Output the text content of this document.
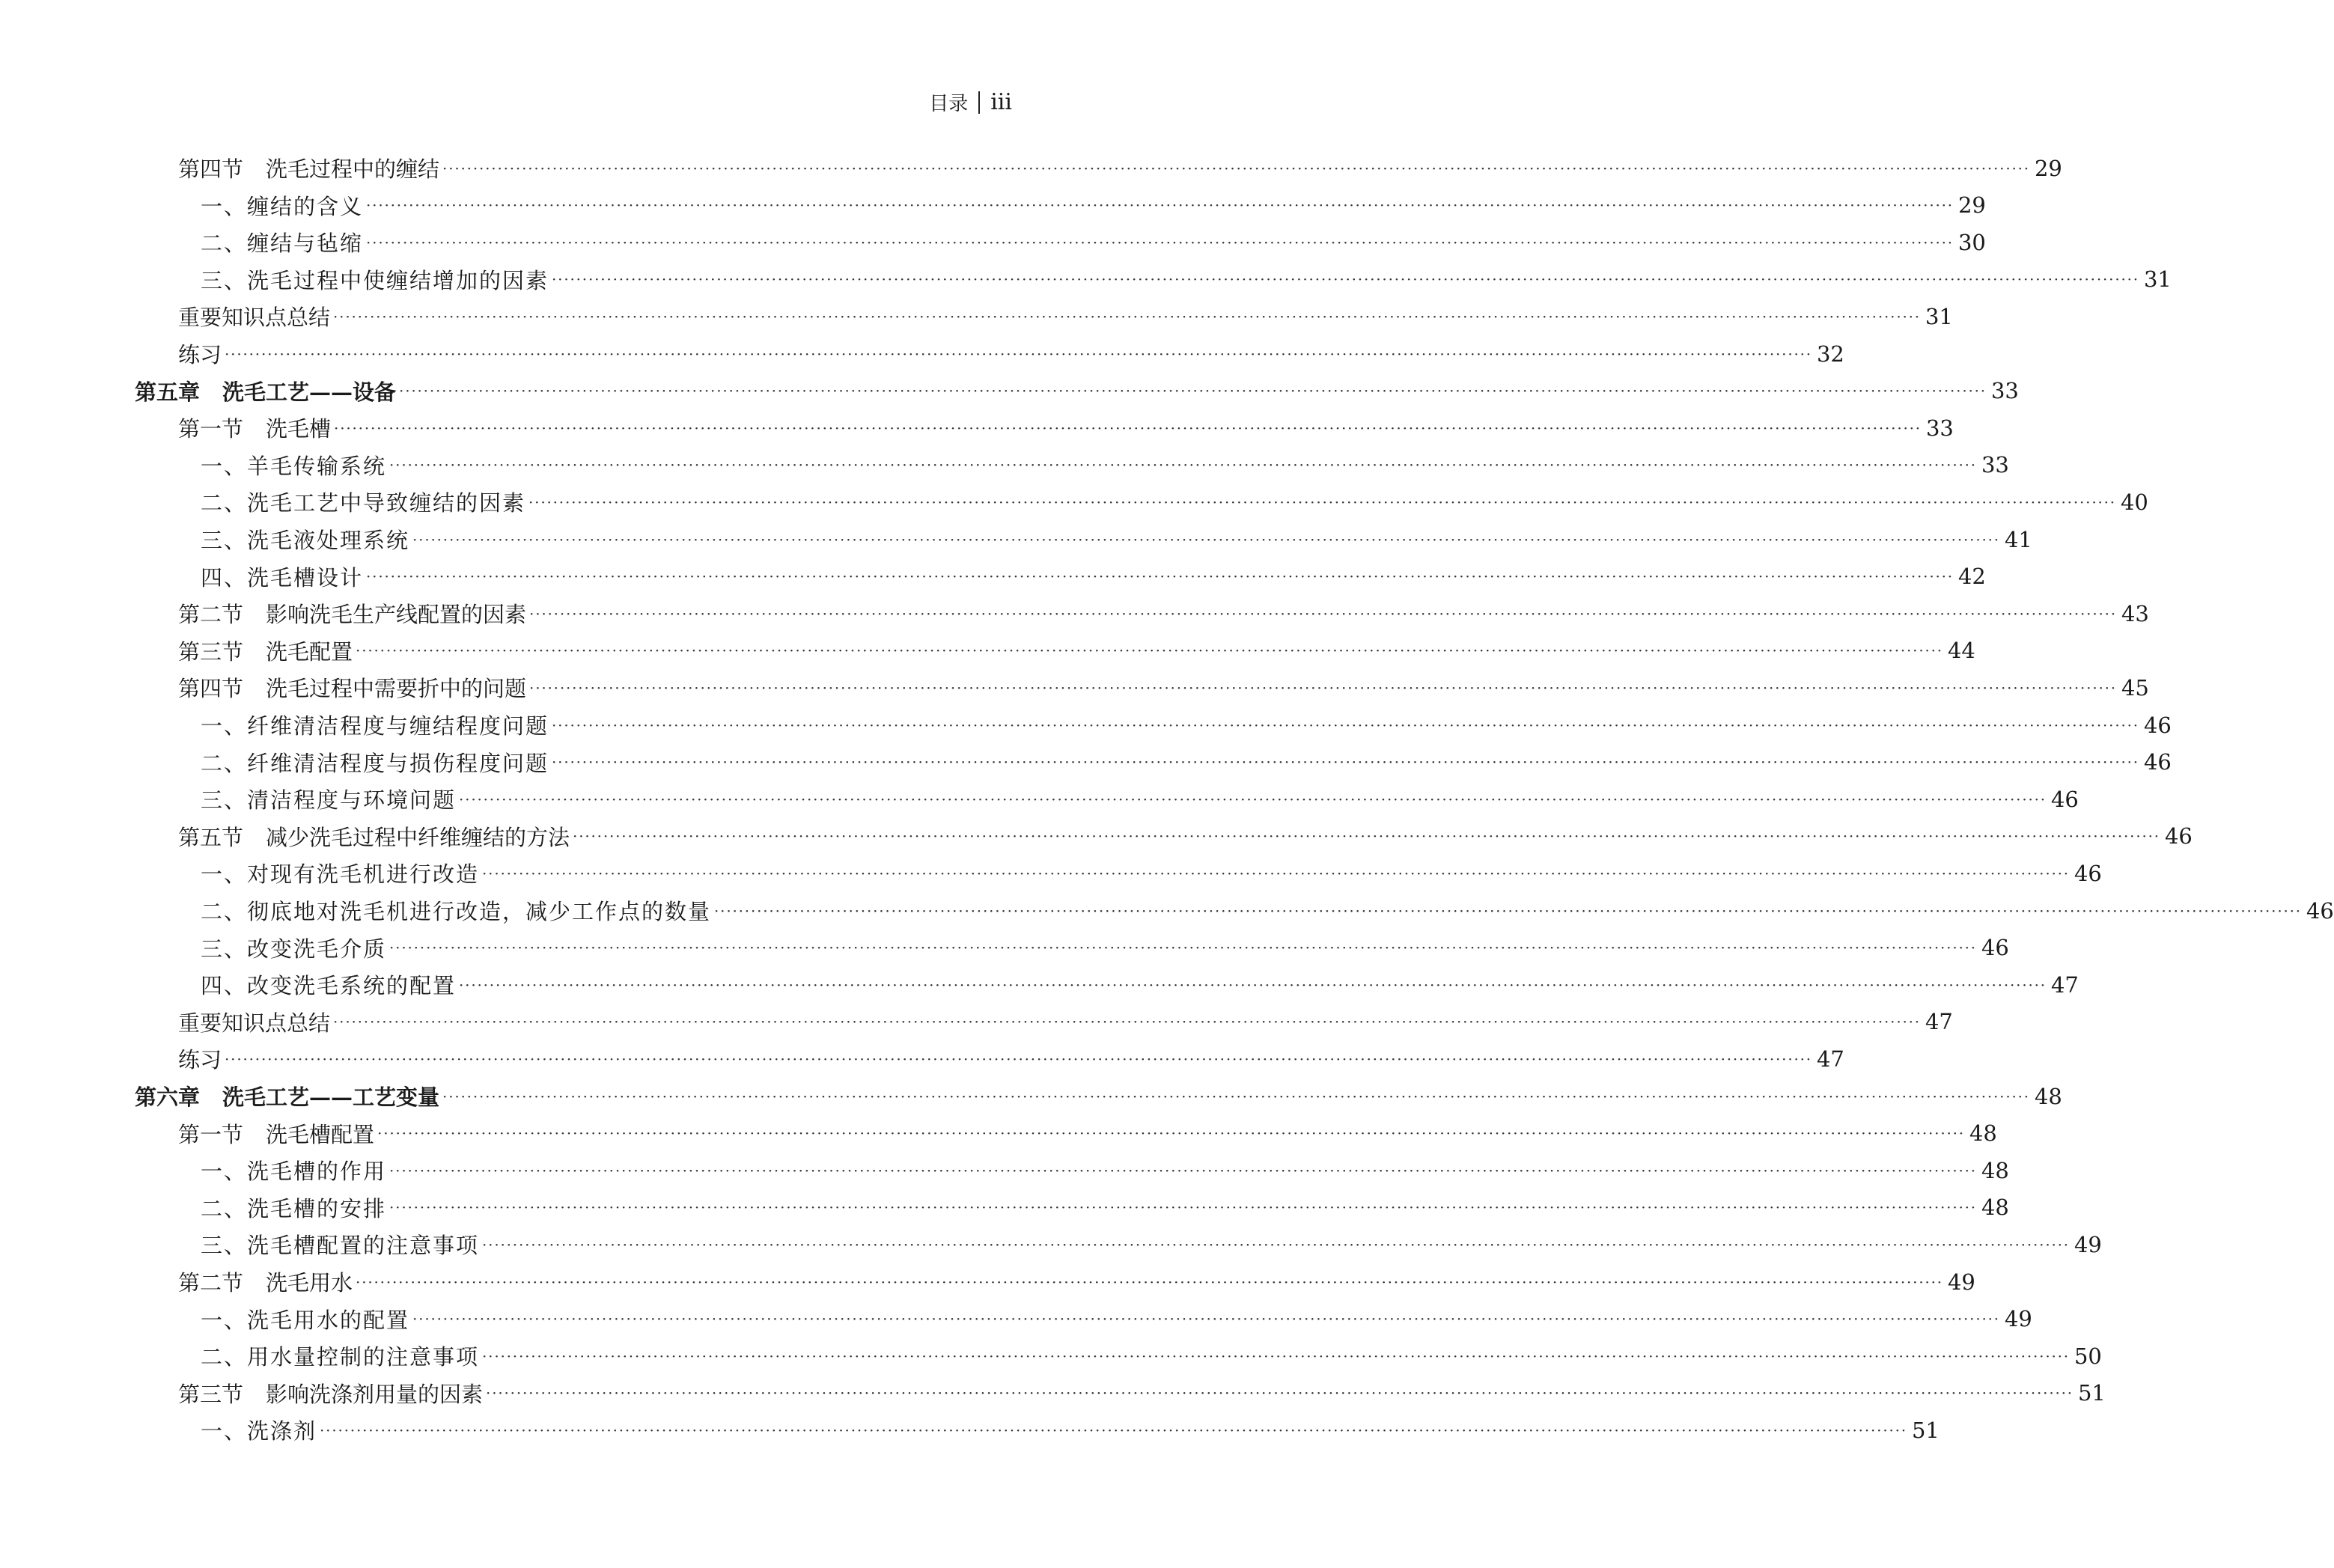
目录 iii
第四节 洗毛过程中的缠结 ···································································································································································································································································· 29
一、缠结的含义 ···································································································································································································································································· 29
二、缠结与毡缩 ···································································································································································································································································· 30
三、洗毛过程中使缠结增加的因素 ···································································································································································································································································· 31
重要知识点总结 ···································································································································································································································································· 31
练习 ···································································································································································································································································· 32
第五章 洗毛工艺——设备 ···································································································································································································································································· 33
第一节 洗毛槽 ···································································································································································································································································· 33
一、羊毛传输系统 ···································································································································································································································································· 33
二、洗毛工艺中导致缠结的因素 ···································································································································································································································································· 40
三、洗毛液处理系统 ···································································································································································································································································· 41
四、洗毛槽设计 ···································································································································································································································································· 42
第二节 影响洗毛生产线配置的因素 ···································································································································································································································································· 43
第三节 洗毛配置 ···································································································································································································································································· 44
第四节 洗毛过程中需要折中的问题 ···································································································································································································································································· 45
一、纤维清洁程度与缠结程度问题 ···································································································································································································································································· 46
二、纤维清洁程度与损伤程度问题 ···································································································································································································································································· 46
三、清洁程度与环境问题 ···································································································································································································································································· 46
第五节 减少洗毛过程中纤维缠结的方法 ···································································································································································································································································· 46
一、对现有洗毛机进行改造 ···································································································································································································································································· 46
二、彻底地对洗毛机进行改造，减少工作点的数量 ···································································································································································································································································· 46
三、改变洗毛介质 ···································································································································································································································································· 46
四、改变洗毛系统的配置 ···································································································································································································································································· 47
重要知识点总结 ···································································································································································································································································· 47
练习 ···································································································································································································································································· 47
第六章 洗毛工艺——工艺变量 ···································································································································································································································································· 48
第一节 洗毛槽配置 ···································································································································································································································································· 48
一、洗毛槽的作用 ···································································································································································································································································· 48
二、洗毛槽的安排 ···································································································································································································································································· 48
三、洗毛槽配置的注意事项 ···································································································································································································································································· 49
第二节 洗毛用水 ···································································································································································································································································· 49
一、洗毛用水的配置 ···································································································································································································································································· 49
二、用水量控制的注意事项 ···································································································································································································································································· 50
第三节 影响洗涤剂用量的因素 ···································································································································································································································································· 51
一、洗涤剂 ···································································································································································································································································· 51
